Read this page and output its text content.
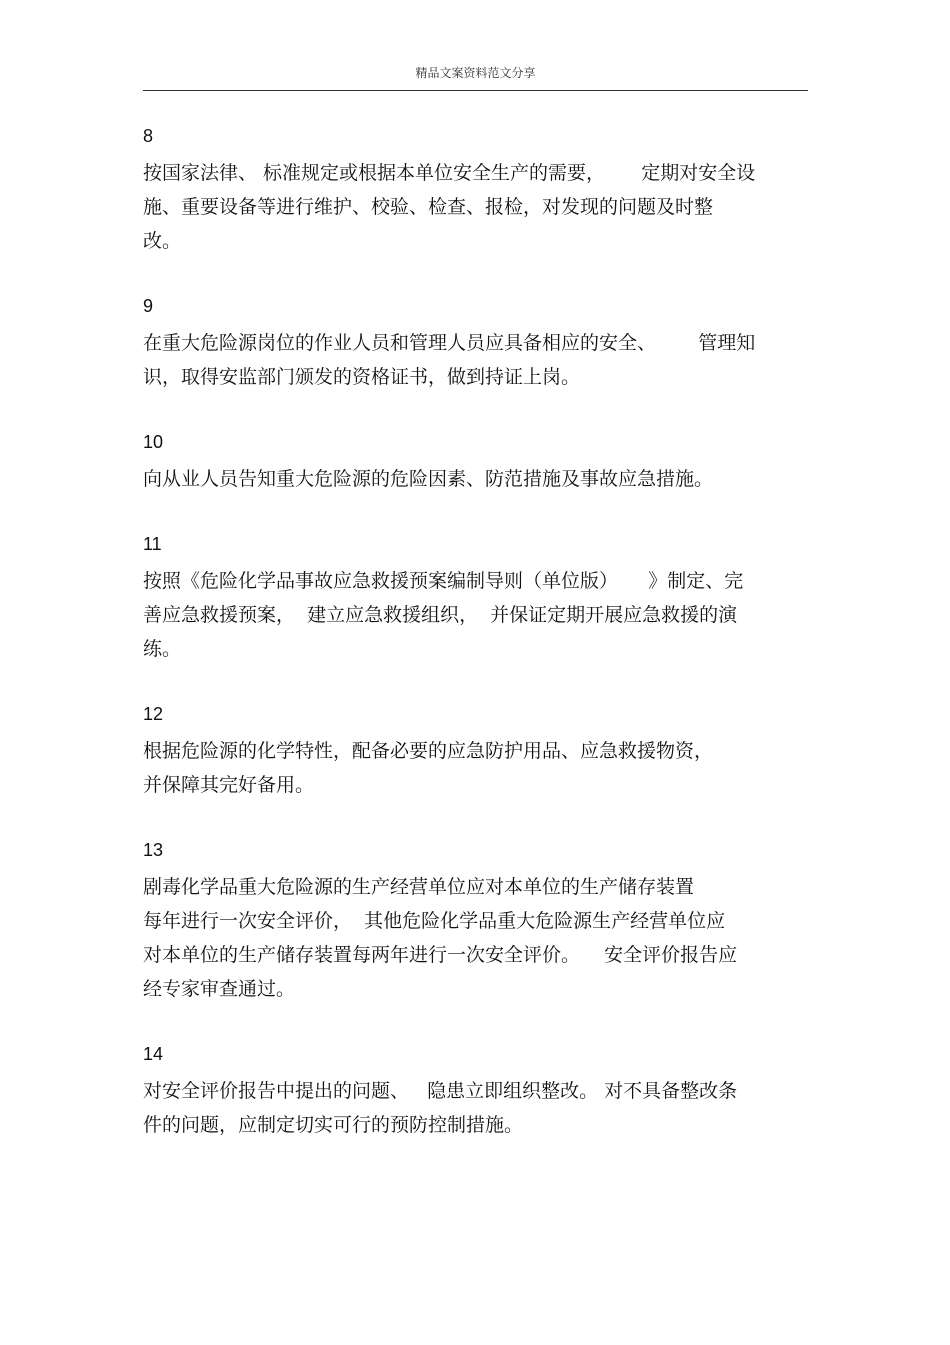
精品文案资料范文分享
8

按国家法律、 标准规定或根据本单位安全生产的需要，      定期对安全设

施、重要设备等进行维护、校验、检查、报检，对发现的问题及时整

改。

9

在重大危险源岗位的作业人员和管理人员应具备相应的安全、       管理知

识，取得安监部门颁发的资格证书，做到持证上岗。

10

向从业人员告知重大危险源的危险因素、防范措施及事故应急措施。

11

按照《危险化学品事故应急救援预案编制导则（单位版）     》制定、完

善应急救援预案，  建立应急救援组织，  并保证定期开展应急救援的演

练。

12

根据危险源的化学特性，配备必要的应急防护用品、应急救援物资，

并保障其完好备用。

13

剧毒化学品重大危险源的生产经营单位应对本单位的生产储存装置

每年进行一次安全评价，  其他危险化学品重大危险源生产经营单位应

对本单位的生产储存装置每两年进行一次安全评价。    安全评价报告应

经专家审查通过。

14

对安全评价报告中提出的问题、   隐患立即组织整改。 对不具备整改条

件的问题，应制定切实可行的预防控制措施。
